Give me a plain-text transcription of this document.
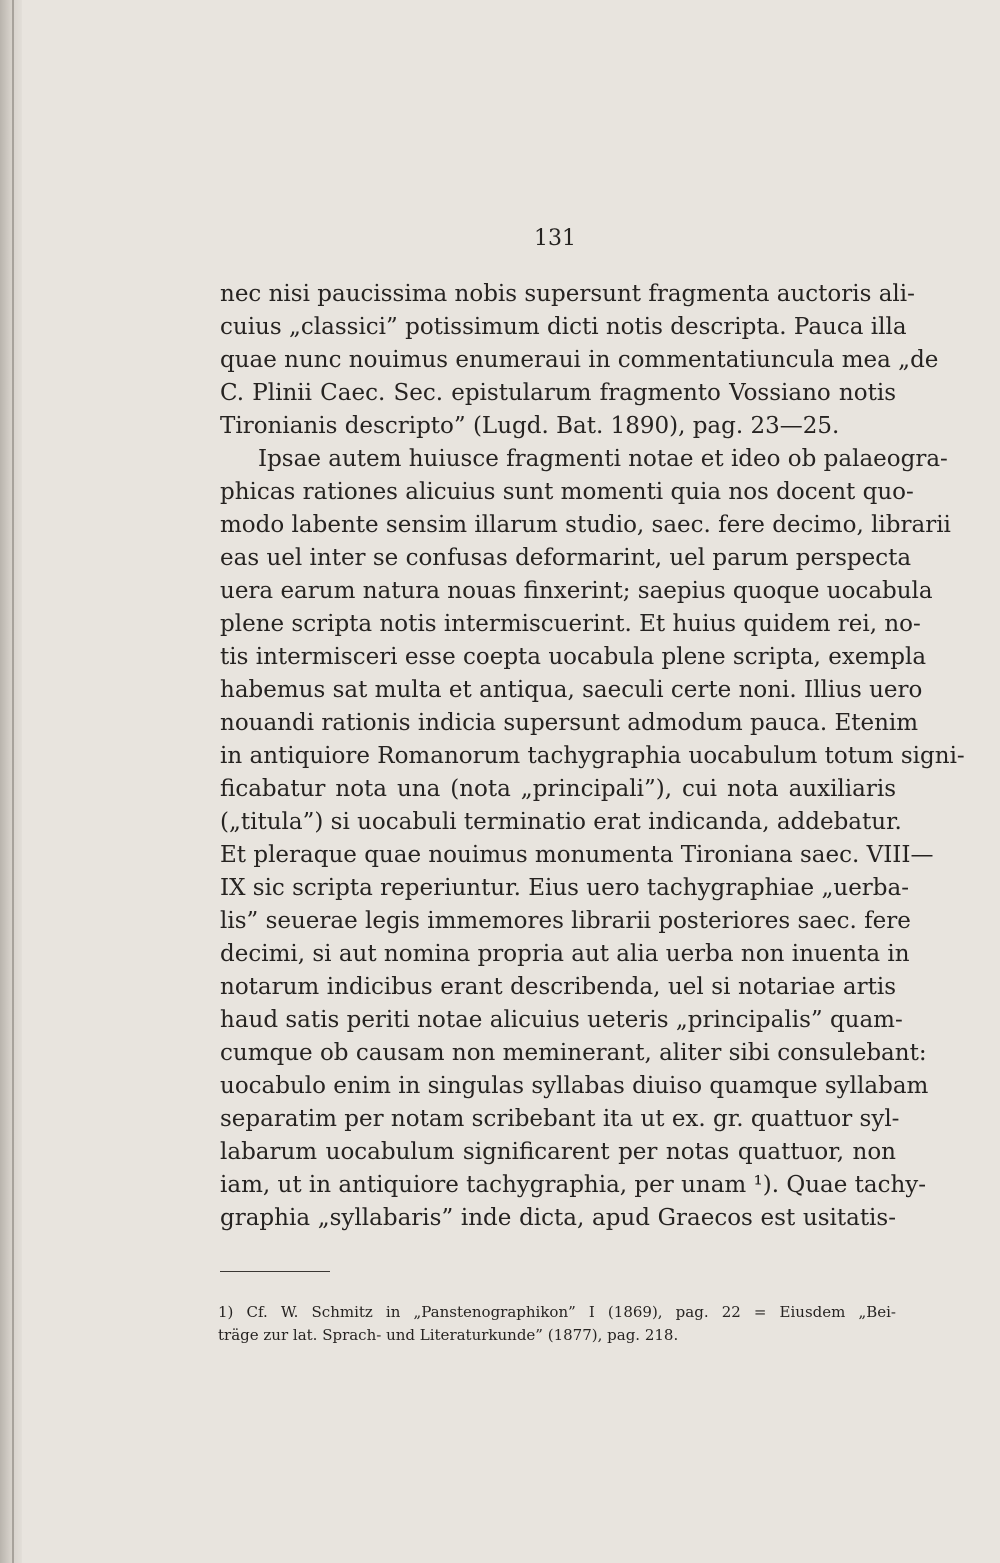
131
nec nisi paucissima nobis supersunt fragmenta auctoris ali-
cuius „classici” potissimum dicti notis descripta. Pauca illa
quae nunc nouimus enumeraui in commentatiuncula mea „de
C. Plinii Caec. Sec. epistularum fragmento Vossiano notis
Tironianis descripto” (Lugd. Bat. 1890), pag. 23—25.
Ipsae autem huiusce fragmenti notae et ideo ob palaeogra-
phicas rationes alicuius sunt momenti quia nos docent quo-
modo labente sensim illarum studio, saec. fere decimo, librarii
eas uel inter se confusas deformarint, uel parum perspecta
uera earum natura nouas finxerint; saepius quoque uocabula
plene scripta notis intermiscuerint. Et huius quidem rei, no-
tis intermisceri esse coepta uocabula plene scripta, exempla
habemus sat multa et antiqua, saeculi certe noni. Illius uero
nouandi rationis indicia supersunt admodum pauca. Etenim
in antiquiore Romanorum tachygraphia uocabulum totum signi-
ficabatur nota una (nota „principali”), cui nota auxiliaris
(„titula”) si uocabuli terminatio erat indicanda, addebatur.
Et pleraque quae nouimus monumenta Tironiana saec. VIII—
IX sic scripta reperiuntur. Eius uero tachygraphiae „uerba-
lis” seuerae legis immemores librarii posteriores saec. fere
decimi, si aut nomina propria aut alia uerba non inuenta in
notarum indicibus erant describenda, uel si notariae artis
haud satis periti notae alicuius ueteris „principalis” quam-
cumque ob causam non meminerant, aliter sibi consulebant:
uocabulo enim in singulas syllabas diuiso quamque syllabam
separatim per notam scribebant ita ut ex. gr. quattuor syl-
labarum uocabulum significarent per notas quattuor, non
iam, ut in antiquiore tachygraphia, per unam ¹). Quae tachy-
graphia „syllabaris” inde dicta, apud Graecos est usitatis-
1) Cf. W. Schmitz in „Panstenographikon” I (1869), pag. 22 = Eiusdem „Bei-
träge zur lat. Sprach- und Literaturkunde” (1877), pag. 218.
